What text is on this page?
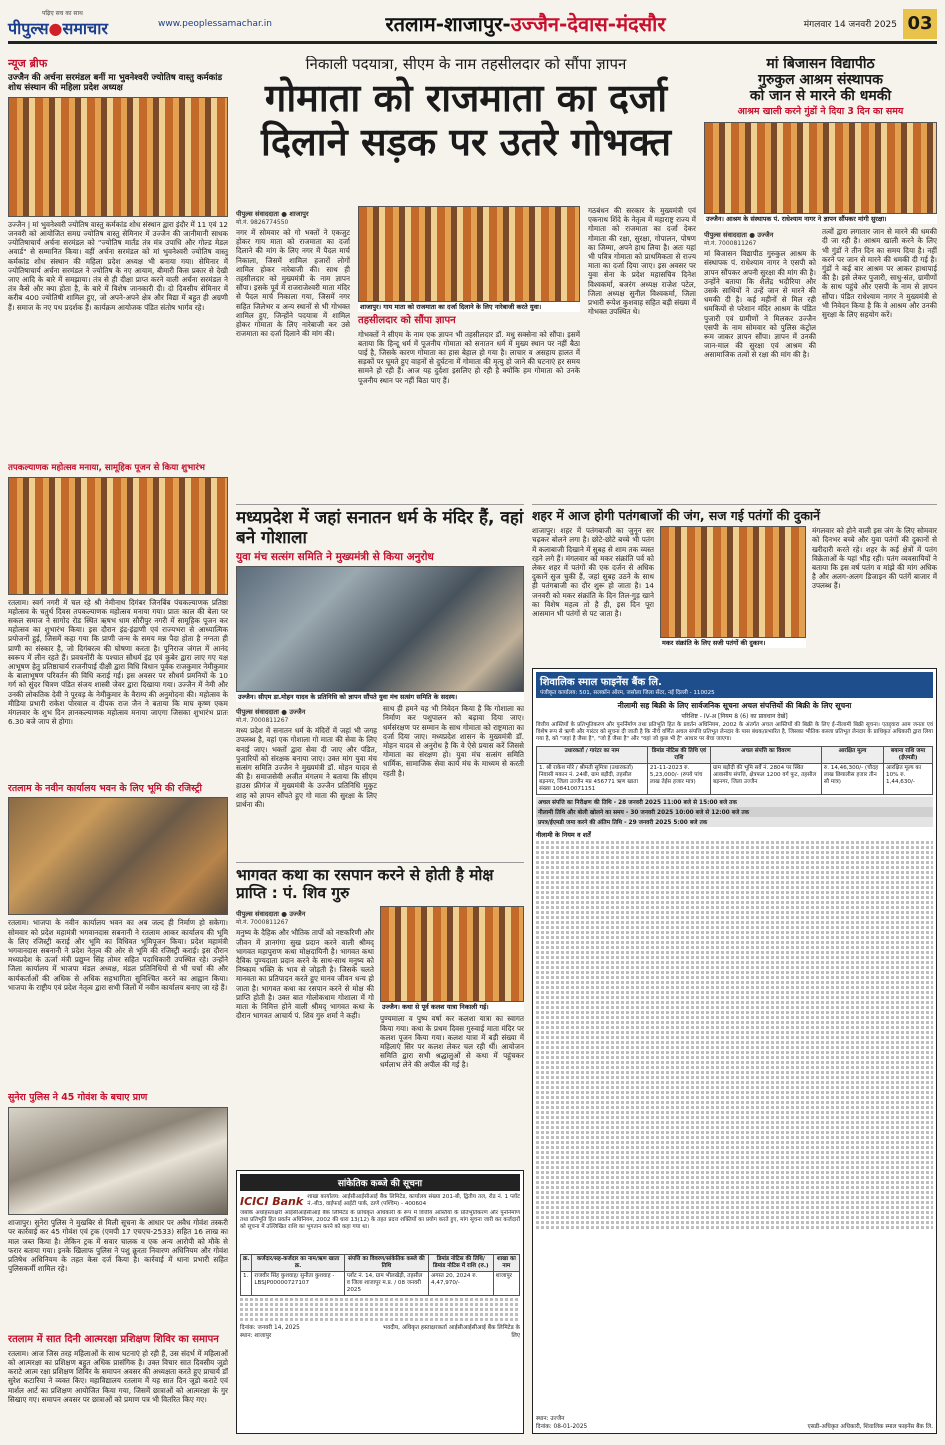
पढ़िए सच का साथ
पीपुल्स●समाचार	www.peoplessamachar.in	रतलाम-शाजापुर-उज्जैन-देवास-मंदसौर	मंगलवार 14 जनवरी 2025 03
न्यूज ब्रीफ
उज्जैन की अर्चना सरमंडल बनीं मा भुवनेश्वरी ज्योतिष वास्तु कर्मकांड शोध संस्थान की महिला प्रदेश अध्यक्ष
उज्जैन | मां भुवनेश्वरी ज्योतिष वास्तु कर्मकांड शोध संस्थान द्वारा इंदौर में 11 एवं 12 जनवरी को आयोजित समग्र ज्योतिष वास्तु सेमिनार में उज्जैन की जानीमानी साधक ज्योतिषाचार्य अर्चना सरमंडल को "ज्योतिष मार्तंड तंत्र मंत्र उपाधि और गोल्ड मेडल अवार्ड" से सम्मानित किया। वहीं अर्चना सरमंडल को मां भुवनेश्वरी ज्योतिष वास्तु कर्मकांड शोध संस्थान की महिला प्रदेश अध्यक्ष भी बनाया गया। सेमिनार में ज्योतिषाचार्य अर्चना सरमंडल ने ज्योतिष के नए आयाम, बीमारी किस प्रकार से देखी जाए आदि के बारे में समझाया। तंत्र से ही दीक्षा प्राप्त करने वाली अर्चना सरमंडल ने तंत्र कैसे और क्या होता है, के बारे में विशेष जानकारी दी। दो दिवसीय सेमिनार में करीब 400 ज्योतिषी शामिल हुए, जो अपने-अपने क्षेत्र और विद्या में बहुत ही अग्रणी हैं। समाज के नए पथ प्रदर्शक हैं। कार्यक्रम आयोजक पंडित संतोष भार्गव रहे।
तपकल्याणक महोत्सव मनाया, सामूहिक पूजन से किया शुभारंभ
रतलाम। स्वर्ग नगरी में चल रहे श्री नेमीनाथ दिगंबर जिनबिंब पंचकल्याणक प्रतिष्ठा महोत्सव के चतुर्थ दिवस तपकल्याणक महोत्सव मनाया गया। प्रातः काल की बेला पर सकल समाज ने सागोद रोड स्थित ऋषभ धाम सौरीपुर नगरी में सामूहिक पूजन कर महोत्सव का शुभारंभ किया। इस दौरान इंद्र-इंद्राणी एवं राज्यभरा से आध्यात्मिक प्रयोजनों हुई, जिसमें कहा गया कि प्राणी जन्म के समय मन्न पैदा होता है नग्नता ही प्राणी का संस्कार है, जो दिगंबरत्व की घोषणा करता है। पूनिराज जंगल में आनंद स्वरूप में लीन रहते हैं। प्रवचनोंरी के पश्चात सौधर्म इंद्र एवं कुबेर द्वारा लाए गए यक्ष आभूषण हेतु प्रतिष्ठाचार्य राजनीपाई दीक्षी द्वारा विधि विधान पूर्वक राजकुमार नेमीकुमार के बालाभूषण परिवर्तन की विधि कराई गई। इस अवसर पर सौधर्म प्रमनियों के 10 गर्ग को सुंदर चित्रण पंडित संजय शास्त्री जेवर द्वारा दिखाया गया। उज्जैन में नेमी और उनकी लोकतिक देवी ने पूरवड़ के नेमीकुमार के वैराग्य की अनुमोदना की। महोत्सव के मीडिया प्रभारी राकेश पोरवाल व दीपक राज जैन ने बताया कि माघ कृष्ण एकम मंगलवार के शुभ दिन ज्ञानकल्याणक महोत्सव मनाया जाएगा जिसका शुभारंभ प्रातः 6.30 बजे जाप से होगा।
रतलाम के नवीन कार्यालय भवन के लिए भूमि की रजिस्ट्री
रतलाम। भाजपा के नवीन कार्यालय भवन का अब जल्द ही निर्माण हो सकेगा। सोमवार को प्रदेश महामंत्री भगवानदास सबनानी ने रतलाम आकर कार्यालय की भूमि के लिए रजिस्ट्री कराई और भूमि का विधिवत भूमिपूजन किया। प्रदेश महामंत्री भगवानदास सबनानी ने प्रदेश नेतृत्व की ओर से भूमि की रजिस्ट्री कराई। इस दौरान मध्यप्रदेश के ऊर्जा मंत्री प्रद्युम्न सिंह तोमर सहित पदाधिकारी उपस्थित रहे। उन्होंने जिला कार्यालय में भाजपा मंडल अध्यक्ष, मंडल प्रतिनिधियों से भी चर्चा की और कार्यकर्ताओं की अधिक से अधिक सहभागिता सुनिश्चित करने का आह्वान किया। भाजपा के राष्ट्रीय एवं प्रदेश नेतृत्व द्वारा सभी जिलों में नवीन कार्यालय बनाए जा रहे हैं।
सुनेरा पुलिस ने 45 गोवंश के बचाए प्राण
शाजापुर। सुनेरा पुलिस ने मुखबिर से मिली सूचना के आधार पर अवैध गोवंश तस्करी पर कार्रवाई कर 45 गोवंश एवं ट्रक (एमपी 17 एचएच-2533) सहित 16 लाख का माल जब्त किया है। लेकिन ट्रक में सवार चालक व एक अन्य आरोपी को मौके से फरार बताया गया। इनके खिलाफ पुलिस ने पशु क्रूरता निवारण अधिनियम और गोवंश प्रतिषेध अधिनियम के तहत केस दर्ज किया है। कार्रवाई में थाना प्रभारी सहित पुलिसकर्मी शामिल रहे।
रतलाम में सात दिनी आत्मरक्षा प्रशिक्षण शिविर का समापन
रतलाम। आज जिस तरह महिलाओं के साथ घटनाएं हो रही हैं, उस संदर्भ में महिलाओं को आत्मरक्षा का प्रशिक्षण बहुत अधिक प्रासंगिक है। उक्त विचार सात दिवसीय जूडो कराटे आत्म रक्षा प्रशिक्षण शिविर के समापन अवसर की अध्यक्षता करते हुए प्राचार्य डॉ सुरेश कटारिया ने व्यक्त किए। महाविद्यालय रतलाम में यह सात दिन जूडो कराटे एवं मार्शल आर्ट का प्रशिक्षण आयोजित किया गया, जिसमें छात्राओं को आत्मरक्षा के गुर सिखाए गए। समापन अवसर पर छात्राओं को प्रमाण पत्र भी वितरित किए गए।
निकाली पदयात्रा, सीएम के नाम तहसीलदार को सौंपा ज्ञापन
गोमाता को राजमाता का दर्जा
दिलाने सड़क पर उतरे गोभक्त
पीपुल्स संवाददाता ● शाजापुर
मो.नं. 9826774550
नगर में सोमवार को गो भक्तों ने एकजुट होकर गाय माता को राजमाता का दर्जा दिलाने की मांग के लिए नगर में पैदल मार्च निकाला, जिसमें शामिल हजारों लोगों शामिल होकर नारेबाजी की। साथ ही तहसीलदार को मुख्यमंत्री के नाम ज्ञापन सौंपा। इसके पूर्व में राजराजेश्वरी माता मंदिर से पैदल मार्च निकाला गया, जिसमें नगर सहित जिलेभर व अन्य स्थानों से भी गोभक्त शामिल हुए, जिन्होंने पदयात्रा में शामिल होकर गोमाता के लिए नारेबाजी कर उसे राजमाता का दर्जा दिलाने की मांग की।
शाजापुर। गाय माता को राजमाता का दर्जा दिलाने के लिए नारेबाजी करते युवा।
तहसीलदार को सौंपा ज्ञापन
गोभक्तों ने सीएम के नाम एक ज्ञापन भी तहसीलदार डॉ. मधु सक्सेना को सौंपा। इसमें बताया कि हिन्दू धर्म में पूजनीय गोमाता को सनातन धर्म में मुख्य स्थान पर नहीं बैठा पाई है, जिसके कारण गोमाता का हास बेहाल हो गया है। लाचार व असहाय हालत में सड़कों पर घूमते हुए वाहनों से दुर्घटना में गोमाता की मृत्यु हो जाने की घटनाएं हर समय सामने हो रही हैं। आज यह दुर्दशा इसलिए हो रही है क्योंकि हम गोमाता को उनके पूजनीय स्थान पर नहीं बिठा पाए हैं।
गठबंधन की सरकार के मुख्यमंत्री एवं एकनाथ शिंदे के नेतृत्व में महाराष्ट्र राज्य में गोमाता को राजमाता का दर्जा देकर गोमाता की रक्षा, सुरक्षा, गोपालन, पोषण का जिम्मा, अपने हाथ लिया है। अतः यहां भी पवित्र गोमाता को प्राथमिकता से राज्य माता का दर्जा दिया जाए। इस अवसर पर युवा सेना के प्रदेश महासचिव दिनेश विश्वकर्मा, बजरंग अध्यक्ष राजेश पटेल, जिला अध्यक्ष सुनील विश्वकर्मा, जिला प्रभारी रूपेश कुशवाह सहित बड़ी संख्या में गोभक्त उपस्थित थे।
मां बिजासन विद्यापीठ
गुरुकुल आश्रम संस्थापक
को जान से मारने की धमकी
आश्रम खाली करने गुंडों ने दिया 3 दिन का समय
उज्जैन। आश्रम के संस्थापक पं. राधेश्याम नागर ने ज्ञापन सौंपकर मांगी सुरक्षा।
पीपुल्स संवाददाता ● उज्जैन
मो.नं. 7000811267
मां बिजासन विद्यापीठ गुरुकुल आश्रम के संस्थापक पं. राधेश्याम नागर ने एसपी को ज्ञापन सौंपकर अपनी सुरक्षा की मांग की है। उन्होंने बताया कि शैलेंद्र भदौरिया और उसके साथियों ने उन्हें जान से मारने की धमकी दी है। कई महीनों से मिल रही धमकियों से परेशान मंदिर आश्रम के पंडित पुजारी एवं ग्रामीणों ने मिलकर उज्जैन एसपी के नाम सोमवार को पुलिस कंट्रोल रूम जाकर ज्ञापन सौंपा। ज्ञापन में उनकी जान-माल की सुरक्षा एवं आश्रम की असामाजिक तत्वों से रक्षा की मांग की है।
तत्वों द्वारा लगातार जान से मारने की धमकी दी जा रही है। आश्रम खाली करने के लिए भी गुंडों ने तीन दिन का समय दिया है। नहीं करने पर जान से मारने की धमकी दी गई है। गुंडों ने कई बार आश्रम पर आकर हाथापाई की है। इसे लेकर पुजारी, साधु-संत, ग्रामीणों के साथ पहुंचे और एसपी के नाम से ज्ञापन सौंपा। पंडित राधेश्याम नागर ने मुख्यमंत्री से भी निवेदन किया है कि वे आश्रम और उनकी सुरक्षा के लिए सहयोग करें।
मध्यप्रदेश में जहां सनातन धर्म के मंदिर हैं, वहां बने गोशाला
युवा मंच सत्संग समिति ने मुख्यमंत्री से किया अनुरोध
उज्जैन। सीएम डा.मोहन यादव के प्रतिनिधि को ज्ञापन सौंपते युवा मंच सत्संग समिति के सदस्य।
पीपुल्स संवाददाता ● उज्जैन
मो.नं. 7000811267
मध्य प्रदेश में सनातन धर्म के मंदिरों में जहां भी जगह उपलब्ध है, वहां एक गोशाला गो माता की सेवा के लिए बनाई जाए। भक्तों द्वारा सेवा दी जाए और पंडित, पुजारियों को संरक्षक बनाया जाए। उक्त मांग युवा मंच सत्संग समिति उज्जैन ने मुख्यमंत्री डॉ. मोहन यादव से की है। समाजसेवी अजीत मंगलम ने बताया कि सीएम हाउस फ्रीगंज में मुख्यमंत्री के उज्जैन प्रतिनिधि मुकुट शाह को ज्ञापन सौंपते हुए गो माता की सुरक्षा के लिए प्रार्थना की।
साथ ही हमने यह भी निवेदन किया है कि गोशाला का निर्माण कर पशुपालन को बढ़ावा दिया जाए। धर्मसंरक्षण पर सम्मान के साथ गोमाता को राष्ट्रमाता का दर्जा दिया जाए। मध्यप्रदेश शासन के मुख्यमंत्री डॉ. मोहन यादव से अनुरोध है कि वे ऐसे प्रयास करें जिससे गोमाता का संरक्षण हो। युवा मंच सत्संग समिति धार्मिक, सामाजिक सेवा कार्य मंच के माध्यम से करती रहती है।
शहर में आज होगी पतंगबाजों की जंग, सज गई पतंगों की दुकानें
शाजापुर। शहर में पतंगबाजी का जुनून सर चढ़कर बोलने लगा है। छोटे-छोटे बच्चे भी पतंग में कलाबाजी दिखाने में सुबह से शाम तक व्यस्त रहने लगे हैं। मंगलवार को मकर संक्रांति पर्व को लेकर शहर में पतंगों की एक दर्जन से अधिक दुकानें सुज चुकी हैं, जहां सुबह उठने के साथ ही पतंगबाजी का दौर शुरू हो जाता है। 14 जनवरी को मकर संक्रांति के दिन तिल-गुड़ खाने का विशेष महत्व तो है ही, इस दिन पूरा आसमान भी पतंगों से पट जाता है।
मकर संक्रांति के लिए सजी पतंगों की दुकान।
मंगलवार को होने वाली इस जंग के लिए सोमवार को दिनभर बच्चे और युवा पतंगों की दुकानों से खरीदारी करते रहे। शहर के कई क्षेत्रों में पतंग विक्रेताओं के यहां भीड़ रही। पतंग व्यवसायियों ने बताया कि इस वर्ष पतंग व मांझे की मांग अधिक है और अलग-अलग डिजाइन की पतंगें बाजार में उपलब्ध हैं।
भागवत कथा का रसपान करने से होती है मोक्ष प्राप्ति : पं. शिव गुरु
पीपुल्स संवाददाता ● उज्जैन
मो.नं. 7000811267
मनुष्य के दैहिक और भौतिक तापों को नष्टकरिणी और जीवन में ज्ञानगंगा सुख प्रदान करने वाली श्रीमद् भागवत महापुराण कथा मोक्षदायिनी है। भागवत कथा दैविक पुण्यदाता प्रदान करने के साथ-साथ मनुष्य को निष्काम भक्ति के भाव से जोड़ती है। जिसके चलते मानवता का प्रतिपादन करते हुए मानव जीवन धन्य हो जाता है। भागवत कथा का रसपान करने से मोक्ष की प्राप्ति होती है। उक्त बात गोलोकधाम गोशाला में गो माता के निमित्त होने वाली श्रीमद् भागवत कथा के दौरान भागवत आचार्य पं. शिव गुरु शर्मा ने कही।
उज्जैन। कथा से पूर्व कलश यात्रा निकाली गई।
पुण्यमाला व पुष्प वर्षा कर कलशा यात्रा का स्वागत किया गया। कथा के प्रथम दिवस गुरुवाई माता मंदिर पर कलश पूजन किया गया। कलश यात्रा में बड़ी संख्या में महिलाएं सिर पर कलश लेकर चल रही थीं। आयोजन समिति द्वारा सभी श्रद्धालुओं से कथा में पहुंचकर धर्मलाभ लेने की अपील की गई है।
सांकेतिक कब्जे की सूचना
ICICI Bank शाखा कार्यालय: आईसीआईसीआई बैंक लिमिटेड, कार्यालय संख्या 201-बी, द्वितीय तल, रोड नं. 1 प्लॉट नं.-बी3, वाईफाई आईटी पार्क, ठाणे (पश्चिम) - 400604
जबकि अधोहस्ताक्षरी आईसीआईसीआई बैंक लिमिटेड के प्राधिकृत अधिकारी के रूप में वित्तीय आस्तियों के प्रतिभूतिकरण और पुनर्निर्माण तथा प्रतिभूति हित प्रवर्तन अधिनियम, 2002 की धारा 13(12) के तहत प्रदत्त शक्तियों का प्रयोग करते हुए, मांग सूचना जारी कर कर्जदारों को सूचना में उल्लिखित राशि का भुगतान करने को कहा गया था।
क्र.	कर्जदार/सह-कर्जदार का नाम/ऋण खाता क्र.	संपत्ति का विवरण/सांकेतिक कब्जे की तिथि	डिमांड नोटिस की तिथि/ डिमांड नोटिस में राशि (रु.)	शाखा का नाम
1.	राजवीर सिंह कुशवाह/ सुनीता कुशवाह - LBSJP00000727107	प्लॉट नं. 14, ग्राम भीलखेड़ी, तहसील व जिला शाजापुर म.प्र. / 08 जनवरी 2025	अगस्त 20, 2024 रु. 4,47,970/-	शाजापुर
दिनांक: जनवरी 14, 2025
स्थान: शाजापुर
भवदीय, अधिकृत हस्ताक्षरकर्ता आईसीआईसीआई बैंक लिमिटेड के लिए
शिवालिक स्माल फाइनेंस बैंक लि.
पंजीकृत कार्यालय: 501, सलकॉन ऑरम, जसोला जिला सेंटर, नई दिल्ली - 110025
नीलामी सह बिक्री के लिए सार्वजनिक सूचना अचल संपत्तियों की बिक्री के लिए सूचना
परिशिष्ट - IV-अ [नियम 8 (6) का प्रावधान देखें]
वित्तीय आस्तियों के प्रतिभूतिकरण और पुनर्निर्माण तथा प्रतिभूति हित के प्रवर्तन अधिनियम, 2002 के अंतर्गत अचल आस्तियों की बिक्री के लिए ई-नीलामी बिक्री सूचना। एतद्द्वारा आम जनता एवं विशेष रूप से ऋणी और गारंटर को सूचना दी जाती है कि नीचे वर्णित अचल संपत्ति प्रतिभूत लेनदार के पास बंधक/प्रभारित है, जिसका भौतिक कब्जा प्रतिभूत लेनदार के प्राधिकृत अधिकारी द्वारा लिया गया है, को "जहां है जैसा है", "जो है जैसा है" और "वहां जो कुछ भी है" आधार पर बेचा जाएगा।
उधारकर्ता / गारंटर का नाम	डिमांड नोटिस की तिथि एवं राशि	अचल संपत्ति का विवरण	आरक्षित मूल्य	बयाना राशि जमा (ईएमडी)
1. श्री राकेश मोरे / श्रीमती सुमित्रा (उधारकर्ता) निवासी मकान नं. 24बी, ग्राम बड़ौदी, तहसील बड़नगर, जिला उज्जैन मप्र 456771 ऋण खाता संख्या 108410071151	21-11-2023 रु. 5,23,000/- (रुपये पांच लाख तेईस हजार मात्र)	ग्राम बड़ौदी की भूमि सर्वे नं. 2804 पर स्थित आवासीय संपत्ति, क्षेत्रफल 1200 वर्ग फुट, तहसील बड़नगर, जिला उज्जैन	रु. 14,46,300/- (चौदह लाख छियालीस हजार तीन सौ मात्र)	आरक्षित मूल्य का 10% रु. 1,44,630/-
अचल संपत्ति का निरीक्षण की तिथि - 28 जनवरी 2025 11:00 बजे से 15:00 बजे तक
नीलामी तिथि और बोली खोलने का समय - 30 जनवरी 2025 10:00 बजे से 12:00 बजे तक
प्रपत्र/ईएमडी जमा करने की अंतिम तिथि - 29 जनवरी 2025 5:00 बजे तक
नीलामी के नियम व शर्तें
स्थान: उज्जैन
दिनांक: 08-01-2025	एसडी-अधिकृत अधिकारी, शिवालिक स्माल फाइनेंस बैंक लि.
